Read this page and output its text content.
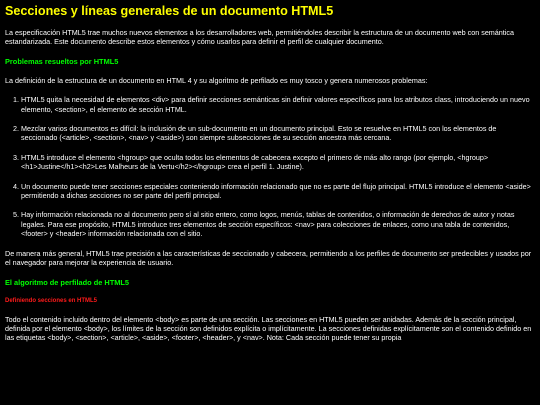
Secciones y líneas generales de un documento HTML5

La especificación HTML5 trae muchos nuevos elementos a los desarrolladores web, permitiéndoles describir la estructura de un documento web con semántica estandarizada. Este documento describe estos elementos y cómo usarlos para definir el perfil de cualquier documento.

Problemas resueltos por HTML5

La definición de la estructura de un documento en HTML 4 y su algoritmo de perfilado es muy tosco y genera numerosos problemas:

1. HTML5 quita la necesidad de elementos <div> para definir secciones semánticas sin definir valores específicos para los atributos class, introduciendo un nuevo elemento, <section>, el elemento de sección HTML.
2. Mezclar varios documentos es difícil: la inclusión de un sub-documento en un documento principal. Esto se resuelve en HTML5 con los elementos de seccionado (<article>, <section>, <nav> y <aside>) son siempre subsecciones de su sección ancestra más cercana.
3. HTML5 introduce el elemento <hgroup> que oculta todos los elementos de cabecera excepto el primero de más alto rango (por ejemplo, <hgroup><h1>Justine</h1><h2>Les Malheurs de la Vertu</h2></hgroup> crea el perfil 1. Justine).
4. Un documento puede tener secciones especiales conteniendo información relacionado que no es parte del flujo principal. HTML5 introduce el elemento <aside> permitiendo a dichas secciones no ser parte del perfil principal.
5. Hay información relacionada no al documento pero sí al sitio entero, como logos, menús, tablas de contenidos, o información de derechos de autor y notas legales. Para ese propósito, HTML5 introduce tres elementos de sección específicos: <nav> para colecciones de enlaces, como una tabla de contenidos, <footer> y <header> información relacionada con el sitio.

De manera más general, HTML5 trae precisión a las características de seccionado y cabecera, permitiendo a los perfiles de documento ser predecibles y usados por el navegador para mejorar la experiencia de usuario.

El algoritmo de perfilado de HTML5
Definiendo secciones en HTML5

Todo el contenido incluido dentro del elemento <body> es parte de una sección. Las secciones en HTML5 pueden ser anidadas. Además de la sección principal, definida por el elemento <body>, los límites de la sección son definidos explícita o implícitamente. La secciones definidas explícitamente son el contenido definido en las etiquetas <body>, <section>, <article>, <aside>, <footer>, <header>, y <nav>. Nota: Cada sección puede tener su propia
